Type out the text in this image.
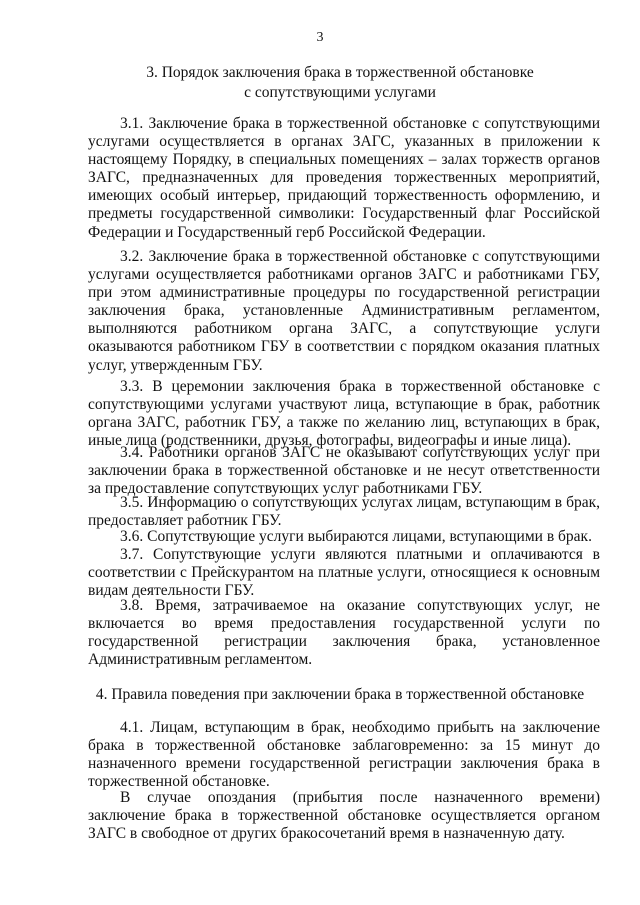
3
3. Порядок заключения брака в торжественной обстановке
с сопутствующими услугами

3.1. Заключение брака в торжественной обстановке с сопутствующими услугами осуществляется в органах ЗАГС, указанных в приложении к настоящему Порядку, в специальных помещениях – залах торжеств органов ЗАГС, предназначенных для проведения торжественных мероприятий, имеющих особый интерьер, придающий торжественность оформлению, и предметы государственной символики: Государственный флаг Российской Федерации и Государственный герб Российской Федерации.

3.2. Заключение брака в торжественной обстановке с сопутствующими услугами осуществляется работниками органов ЗАГС и работниками ГБУ, при этом административные процедуры по государственной регистрации заключения брака, установленные Административным регламентом, выполняются работником органа ЗАГС, а сопутствующие услуги оказываются работником ГБУ в соответствии с порядком оказания платных услуг, утвержденным ГБУ.

3.3. В церемонии заключения брака в торжественной обстановке с сопутствующими услугами участвуют лица, вступающие в брак, работник органа ЗАГС, работник ГБУ, а также по желанию лиц, вступающих в брак, иные лица (родственники, друзья, фотографы, видеографы и иные лица).

3.4. Работники органов ЗАГС не оказывают сопутствующих услуг при заключении брака в торжественной обстановке и не несут ответственности за предоставление сопутствующих услуг работниками ГБУ.

3.5. Информацию о сопутствующих услугах лицам, вступающим в брак, предоставляет работник ГБУ.

3.6. Сопутствующие услуги выбираются лицами, вступающими в брак.

3.7. Сопутствующие услуги являются платными и оплачиваются в соответствии с Прейскурантом на платные услуги, относящиеся к основным видам деятельности ГБУ.

3.8. Время, затрачиваемое на оказание сопутствующих услуг, не включается во время предоставления государственной услуги по государственной регистрации заключения брака, установленное Административным регламентом.

4. Правила поведения при заключении брака в торжественной обстановке

4.1. Лицам, вступающим в брак, необходимо прибыть на заключение брака в торжественной обстановке заблаговременно: за 15 минут до назначенного времени государственной регистрации заключения брака в торжественной обстановке.

В случае опоздания (прибытия после назначенного времени) заключение брака в торжественной обстановке осуществляется органом ЗАГС в свободное от других бракосочетаний время в назначенную дату.
